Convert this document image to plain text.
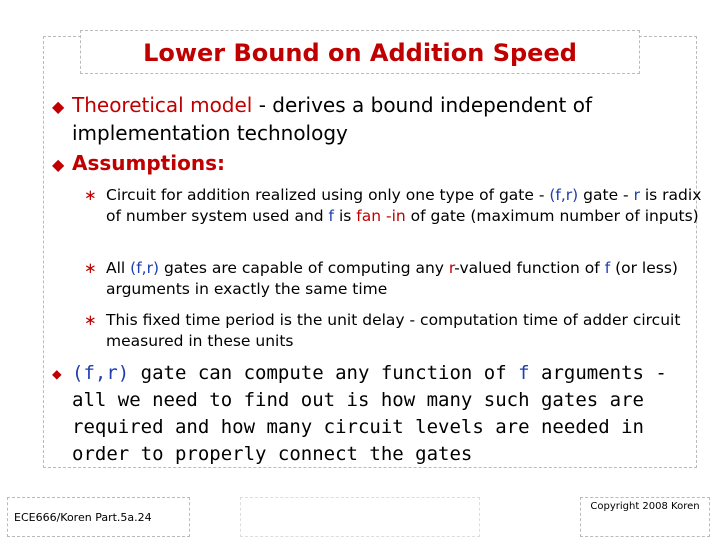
Lower Bound on Addition Speed

◆ Theoretical model - derives a bound independent of implementation technology

◆ Assumptions:

∗ Circuit for addition realized using only one type of gate - (f,r) gate - r is radix of number system used and f is fan -in of gate (maximum number of inputs)

∗ All (f,r) gates are capable of computing any r-valued function of f (or less) arguments in exactly the same time

∗ This fixed time period is the unit delay - computation time of adder circuit measured in these units

◆ (f,r) gate can compute any function of f arguments - all we need to find out is how many such gates are required and how many circuit levels are needed in order to properly connect the gates

ECE666/Koren Part.5a.24
Copyright 2008 Koren
